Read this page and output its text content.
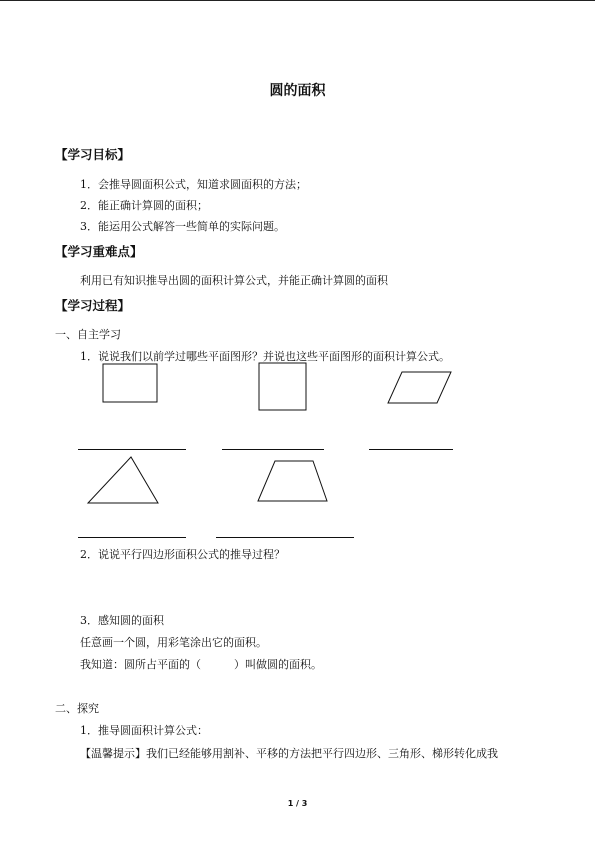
圆的面积
【学习目标】
1．会推导圆面积公式，知道求圆面积的方法；
2．能正确计算圆的面积；
3．能运用公式解答一些简单的实际问题。
【学习重难点】
利用已有知识推导出圆的面积计算公式，并能正确计算圆的面积
【学习过程】
一、自主学习
1．说说我们以前学过哪些平面图形？并说也这些平面图形的面积计算公式。
2．说说平行四边形面积公式的推导过程？
3．感知圆的面积
任意画一个圆，用彩笔涂出它的面积。
我知道：圆所占平面的（　　　）叫做圆的面积。
二、探究
1．推导圆面积计算公式：
【温馨提示】我们已经能够用割补、平移的方法把平行四边形、三角形、梯形转化成我
1 / 3
